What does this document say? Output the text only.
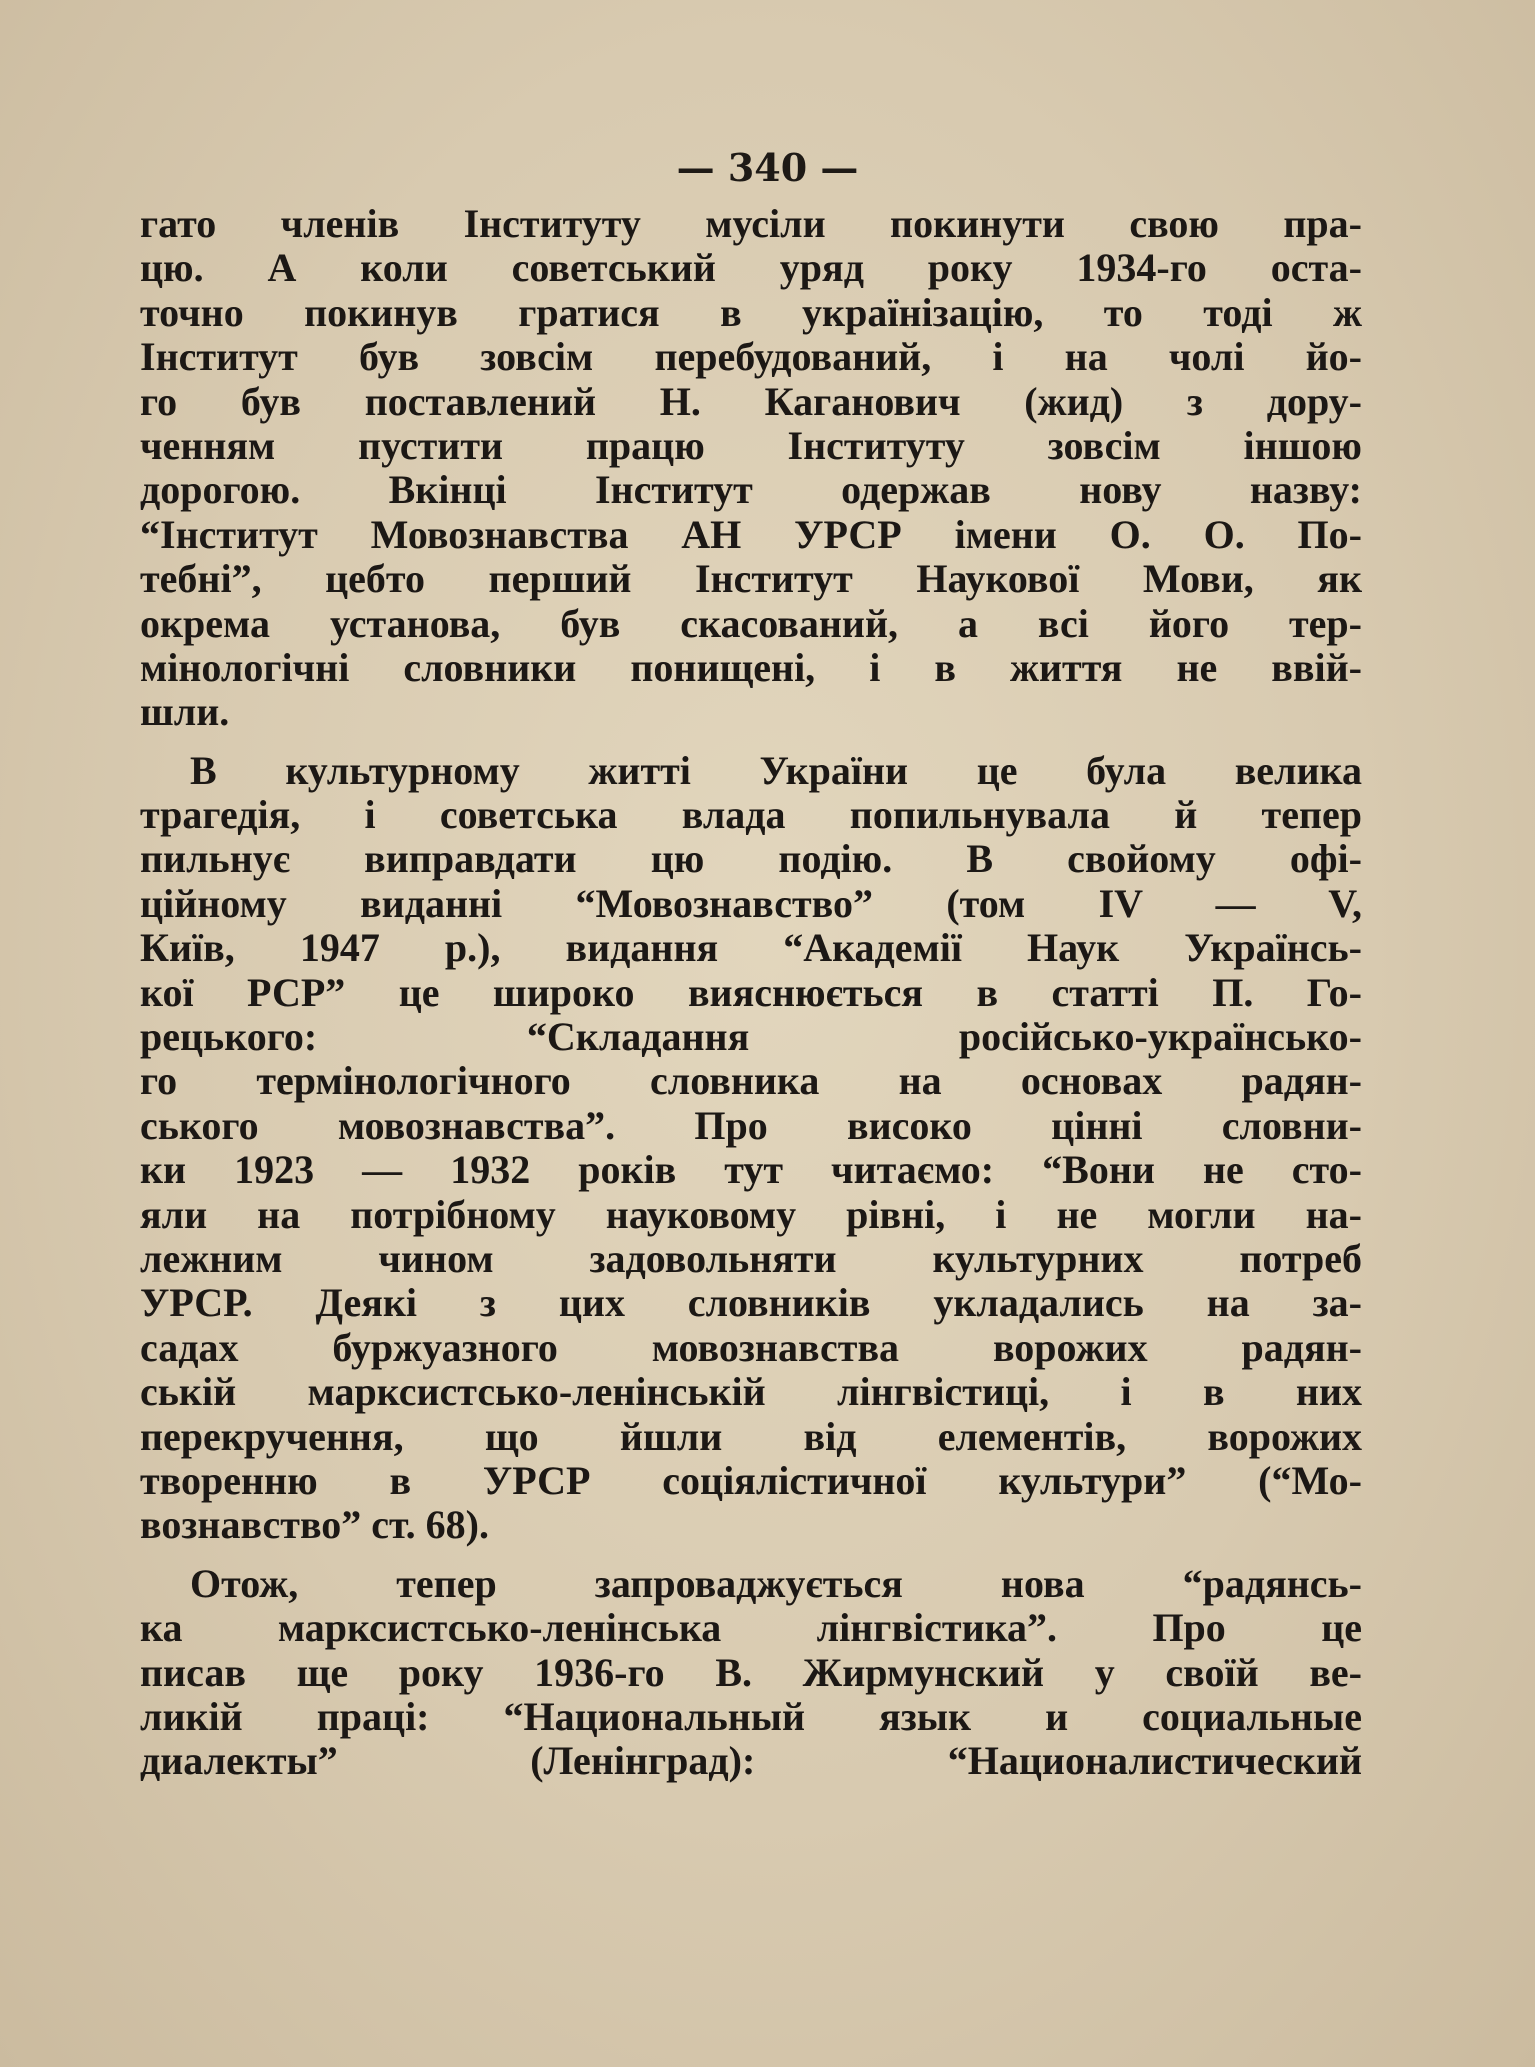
— 340 —
гато членів Інституту мусіли покинути свою пра-
цю. А коли советський уряд року 1934-го оста-
точно покинув гратися в українізацію, то тоді ж
Інститут був зовсім перебудований, і на чолі йо-
го був поставлений Н. Каганович (жид) з дору-
ченням пустити працю Інституту зовсім іншою
дорогою. Вкінці Інститут одержав нову назву:
“Інститут Мовознавства АН УРСР імени О. О. По-
тебні”, цебто перший Інститут Наукової Мови, як
окрема установа, був скасований, а всі його тер-
мінологічні словники понищені, і в життя не ввій-
шли.
В культурному житті України це була велика
трагедія, і советська влада попильнувала й тепер
пильнує виправдати цю подію. В свойому офі-
ційному виданні “Мовознавство” (том IV — V,
Київ, 1947 р.), видання “Академії Наук Українсь-
кої РСР” це широко вияснюється в статті П. Го-
рецького: “Складання російсько-українсько-
го термінологічного словника на основах радян-
ського мовознавства”. Про високо цінні словни-
ки 1923 — 1932 років тут читаємо: “Вони не сто-
яли на потрібному науковому рівні, і не могли на-
лежним чином задовольняти культурних потреб
УРСР. Деякі з цих словників укладались на за-
садах буржуазного мовознавства ворожих радян-
ській марксистсько-ленінській лінгвістиці, і в них
перекручення, що йшли від елементів, ворожих
творенню в УРСР соціялістичної культури” (“Мо-
вознавство” ст. 68).
Отож, тепер запроваджується нова “радянсь-
ка марксистсько-ленінська лінгвістика”. Про це
писав ще року 1936-го В. Жирмунский у своїй ве-
ликій праці: “Национальный язык и социальные
диалекты” (Ленінград): “Националистический
